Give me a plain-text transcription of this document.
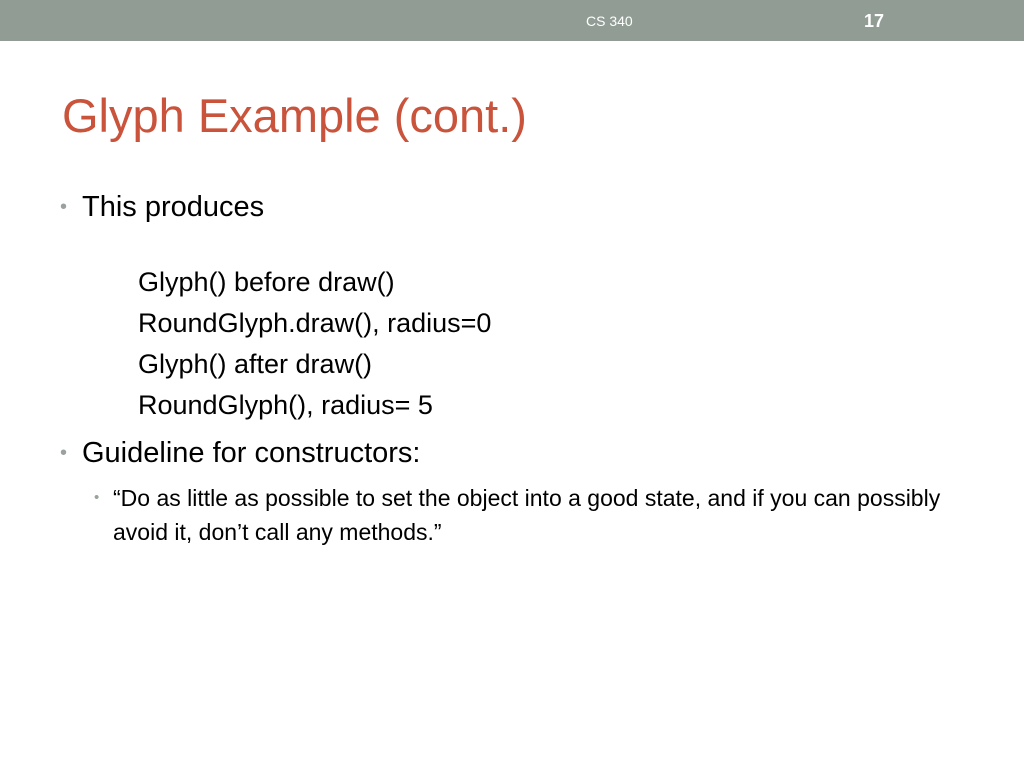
CS 340	17
Glyph Example (cont.)
• This produces
Glyph() before draw()
RoundGlyph.draw(), radius=0
Glyph() after draw()
RoundGlyph(), radius= 5
• Guideline for constructors:
• “Do as little as possible to set the object into a good state, and if you can possibly avoid it, don’t call any methods.”
